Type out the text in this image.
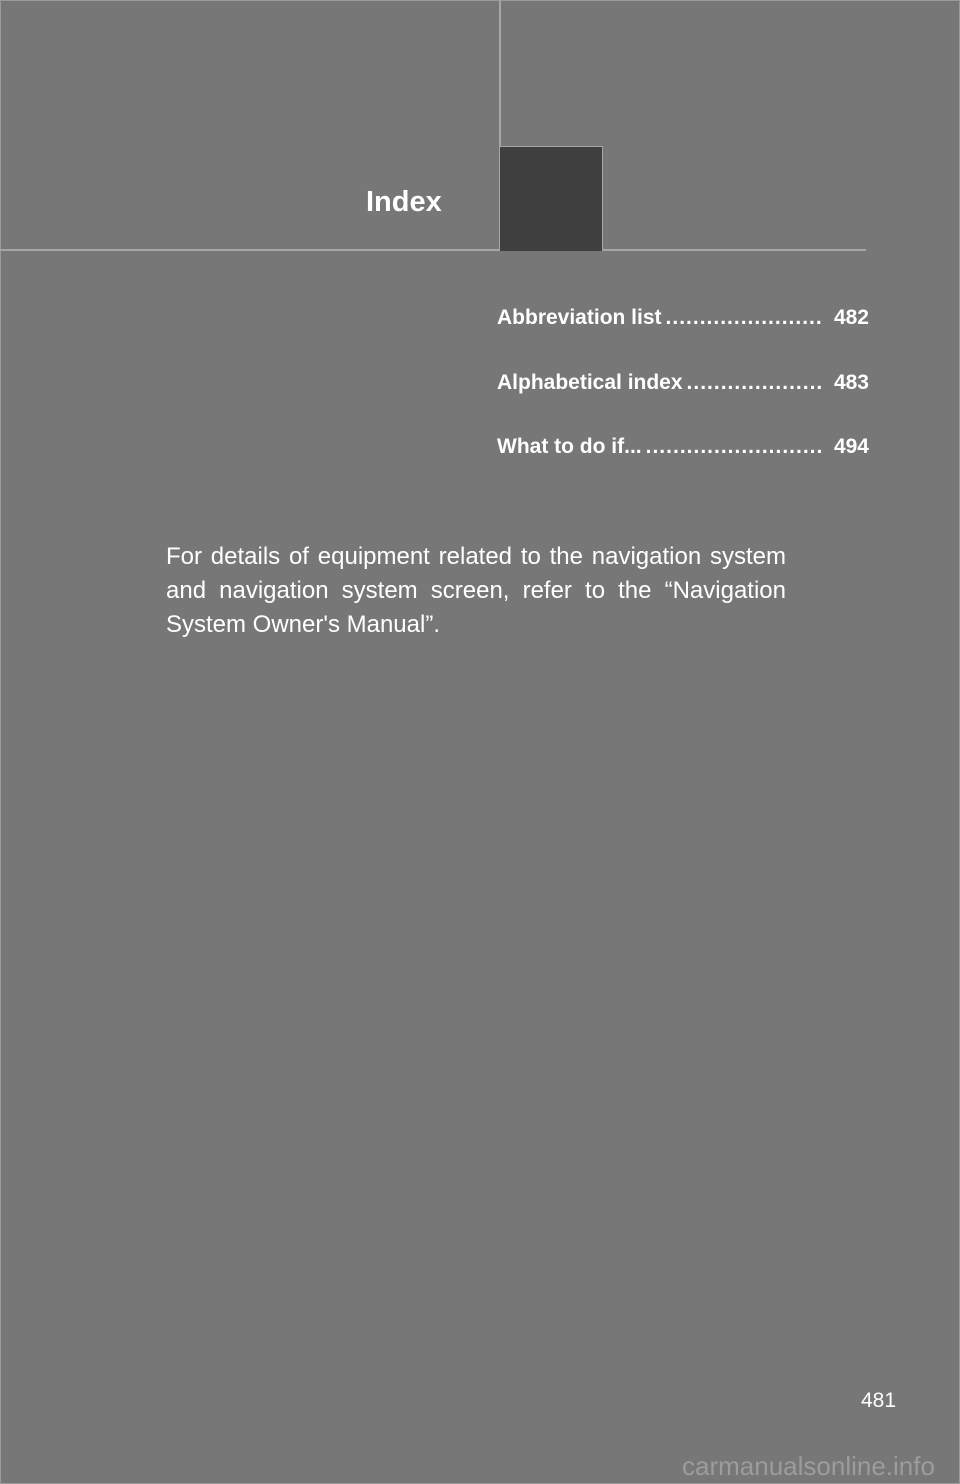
Index
Abbreviation list .....	482
Alphabetical index .....	483
What to do if... .....	494

For details of equipment related to the navigation system and navigation system screen, refer to the “Navigation System Owner's Manual”.

481

carmanualsonline.info
